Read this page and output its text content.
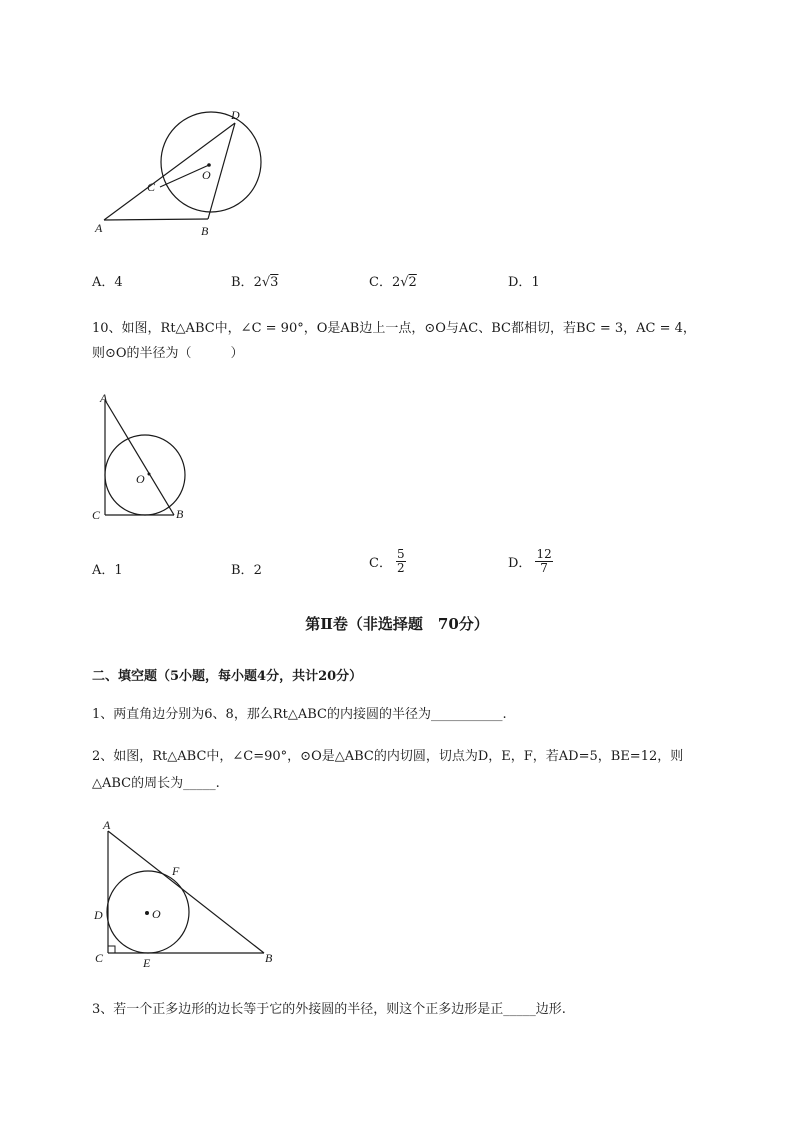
A	B
C
D
O
A．4	B．2√3	C．2√2	D．1
10、如图，Rt△ABC中，∠C = 90°，O是AB边上一点，⊙O与AC、BC都相切，若BC = 3，AC = 4，
则⊙O的半径为（　　　）
A
B
C
O
A．1	B．2	C． $\frac{5}{2}$	D． $\frac{12}{7}$
第Ⅱ卷（非选择题　70分）
二、填空题（5小题，每小题4分，共计20分）
1、两直角边分别为6、8，那么Rt△ABC的内接圆的半径为___________.
2、如图，Rt△ABC中，∠C=90°，⊙O是△ABC的内切圆，切点为D，E，F，若AD=5，BE=12，则
△ABC的周长为_____.
A
B
C
D
E
F
O
3、若一个正多边形的边长等于它的外接圆的半径，则这个正多边形是正_____边形.
